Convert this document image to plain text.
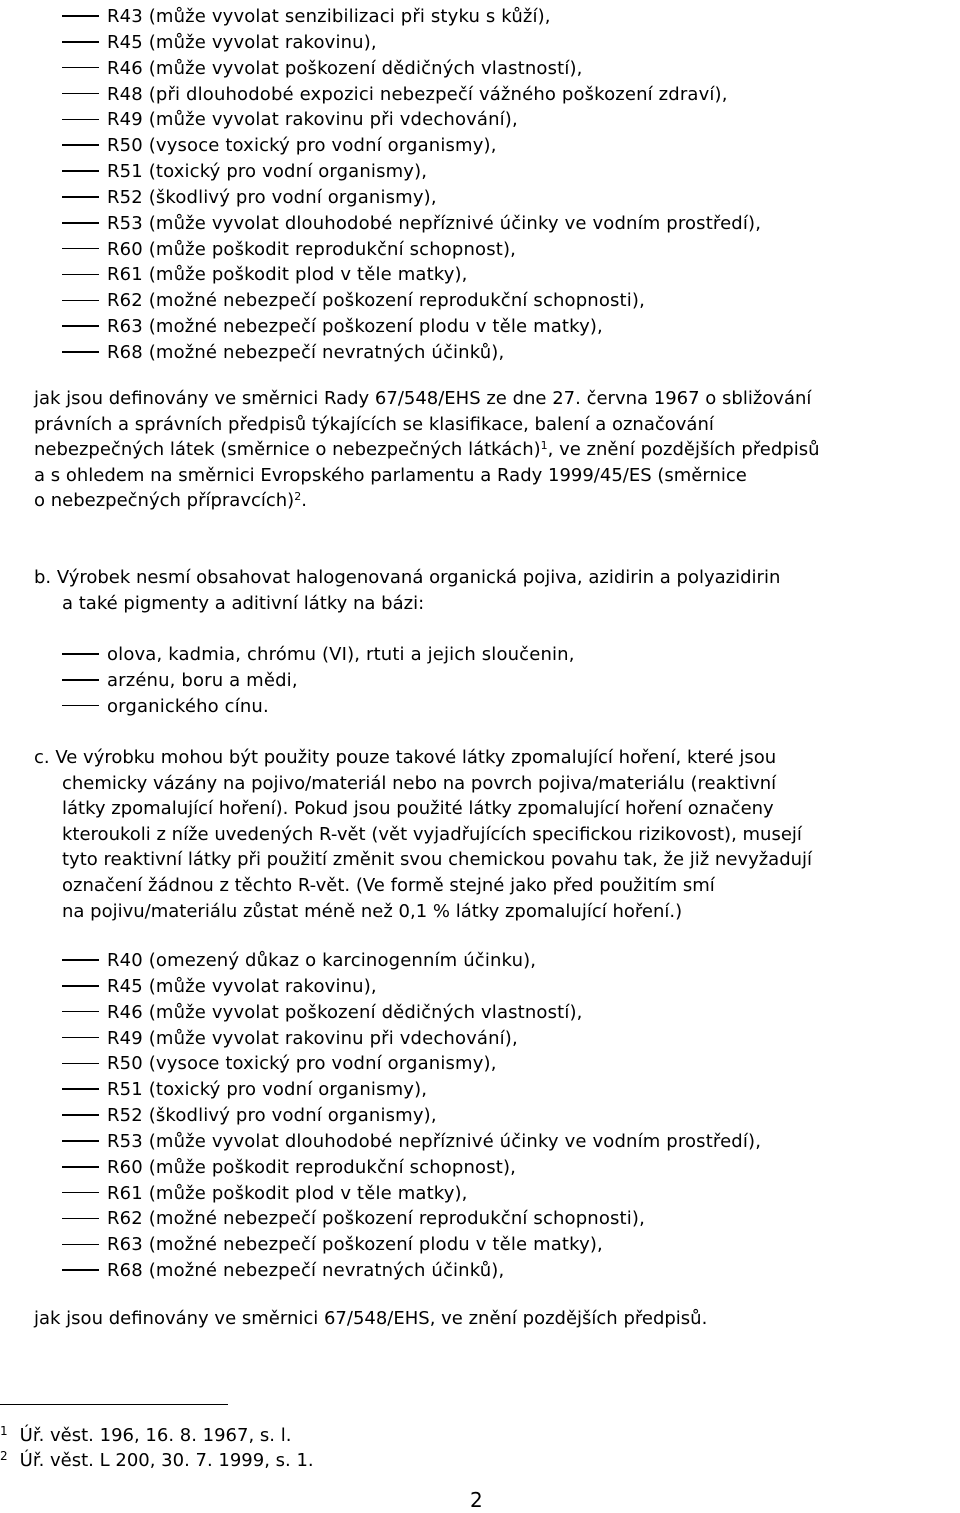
R43 (může vyvolat senzibilizaci při styku s kůží),
R45 (může vyvolat rakovinu),
R46 (může vyvolat poškození dědičných vlastností),
R48 (při dlouhodobé expozici nebezpečí vážného poškození zdraví),
R49 (může vyvolat rakovinu při vdechování),
R50 (vysoce toxický pro vodní organismy),
R51 (toxický pro vodní organismy),
R52 (škodlivý pro vodní organismy),
R53 (může vyvolat dlouhodobé nepříznivé účinky ve vodním prostředí),
R60 (může poškodit reprodukční schopnost),
R61 (může poškodit plod v těle matky),
R62 (možné nebezpečí poškození reprodukční schopnosti),
R63 (možné nebezpečí poškození plodu v těle matky),
R68 (možné nebezpečí nevratných účinků),
jak jsou definovány ve směrnici Rady 67/548/EHS ze dne 27. června 1967 o sbližování
právních a správních předpisů týkajících se klasifikace, balení a označování
nebezpečných látek (směrnice o nebezpečných látkách)$^1$, ve znění pozdějších předpisů
a s ohledem na směrnici Evropského parlamentu a Rady 1999/45/ES (směrnice
o nebezpečných přípravcích)$^2$.
b. Výrobek nesmí obsahovat halogenovaná organická pojiva, azidirin a polyazidirin
a také pigmenty a aditivní látky na bázi:
olova, kadmia, chrómu (VI), rtuti a jejich sloučenin,
arzénu, boru a mědi,
organického cínu.
c. Ve výrobku mohou být použity pouze takové látky zpomalující hoření, které jsou
chemicky vázány na pojivo/materiál nebo na povrch pojiva/materiálu (reaktivní
látky zpomalující hoření). Pokud jsou použité látky zpomalující hoření označeny
kteroukoli z níže uvedených R-vět (vět vyjadřujících specifickou rizikovost), musejí
tyto reaktivní látky při použití změnit svou chemickou povahu tak, že již nevyžadují
označení žádnou z těchto R-vět. (Ve formě stejné jako před použitím smí
na pojivu/materiálu zůstat méně než 0,1 % látky zpomalující hoření.)
R40 (omezený důkaz o karcinogenním účinku),
R45 (může vyvolat rakovinu),
R46 (může vyvolat poškození dědičných vlastností),
R49 (může vyvolat rakovinu při vdechování),
R50 (vysoce toxický pro vodní organismy),
R51 (toxický pro vodní organismy),
R52 (škodlivý pro vodní organismy),
R53 (může vyvolat dlouhodobé nepříznivé účinky ve vodním prostředí),
R60 (může poškodit reprodukční schopnost),
R61 (může poškodit plod v těle matky),
R62 (možné nebezpečí poškození reprodukční schopnosti),
R63 (možné nebezpečí poškození plodu v těle matky),
R68 (možné nebezpečí nevratných účinků),
jak jsou definovány ve směrnici 67/548/EHS, ve znění pozdějších předpisů.
$^1$ Úř. věst. 196, 16. 8. 1967, s. l.
$^2$ Úř. věst. L 200, 30. 7. 1999, s. 1.
2
